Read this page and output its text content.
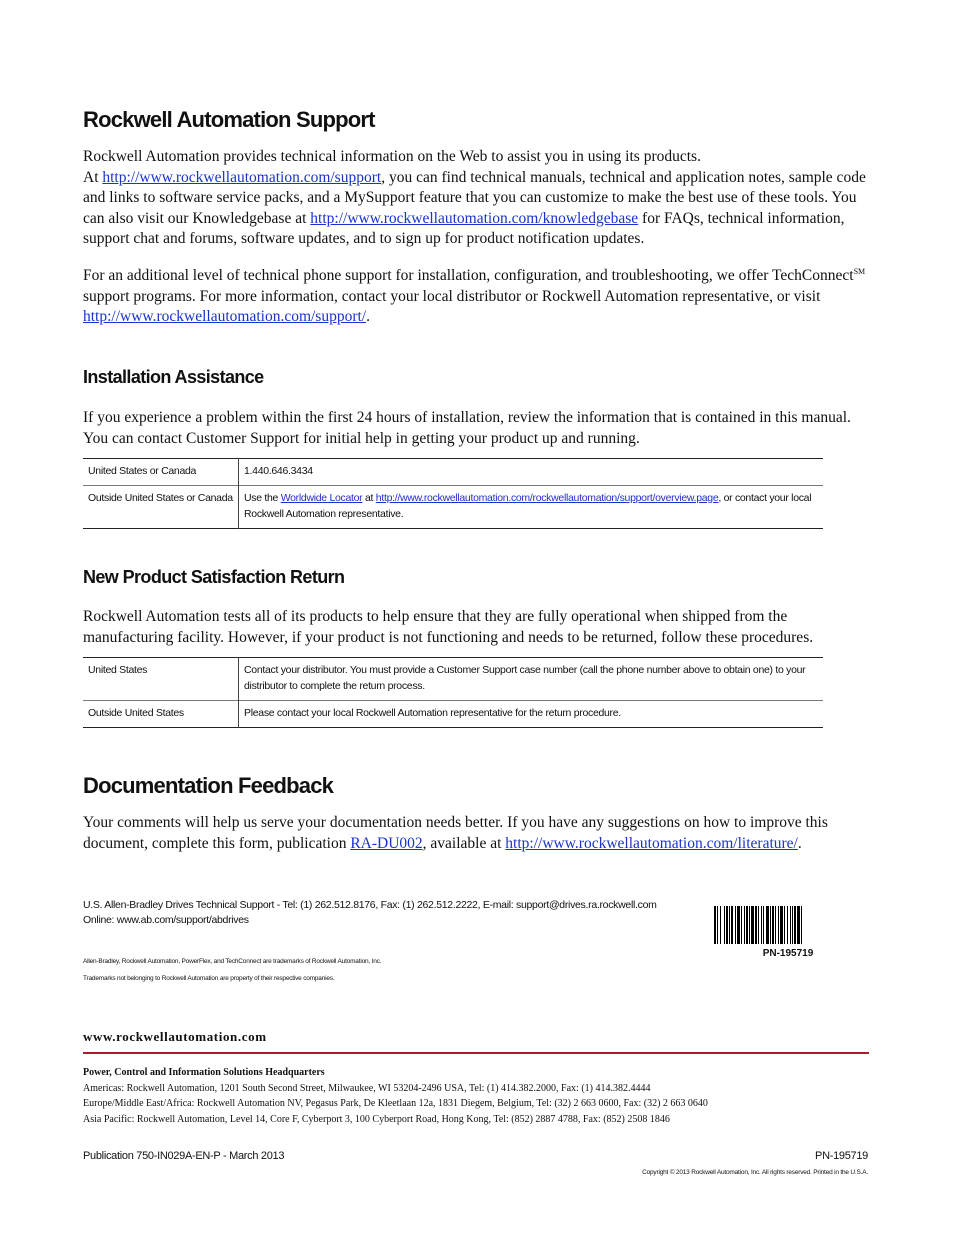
Rockwell Automation Support

Rockwell Automation provides technical information on the Web to assist you in using its products.
At http://www.rockwellautomation.com/support, you can find technical manuals, technical and application notes, sample code and links to software service packs, and a MySupport feature that you can customize to make the best use of these tools. You can also visit our Knowledgebase at http://www.rockwellautomation.com/knowledgebase for FAQs, technical information, support chat and forums, software updates, and to sign up for product notification updates.

For an additional level of technical phone support for installation, configuration, and troubleshooting, we offer TechConnect℠ support programs. For more information, contact your local distributor or Rockwell Automation representative, or visit http://www.rockwellautomation.com/support/.

Installation Assistance
If you experience a problem within the first 24 hours of installation, review the information that is contained in this manual. You can contact Customer Support for initial help in getting your product up and running.
United States or Canada	1.440.646.3434
Outside United States or Canada	Use the Worldwide Locator at http://www.rockwellautomation.com/rockwellautomation/support/overview.page, or contact your local Rockwell Automation representative.
New Product Satisfaction Return
Rockwell Automation tests all of its products to help ensure that they are fully operational when shipped from the manufacturing facility. However, if your product is not functioning and needs to be returned, follow these procedures.
United States	Contact your distributor. You must provide a Customer Support case number (call the phone number above to obtain one) to your distributor to complete the return process.
Outside United States	Please contact your local Rockwell Automation representative for the return procedure.
Documentation Feedback

Your comments will help us serve your documentation needs better. If you have any suggestions on how to improve this document, complete this form, publication RA-DU002, available at http://www.rockwellautomation.com/literature/.

U.S. Allen-Bradley Drives Technical Support - Tel: (1) 262.512.8176, Fax: (1) 262.512.2222, E-mail: support@drives.ra.rockwell.com
Online: www.ab.com/support/abdrives
Allen-Bradley, Rockwell Automation, PowerFlex, and TechConnect are trademarks of Rockwell Automation, Inc.
Trademarks not belonging to Rockwell Automation are property of their respective companies.
PN-195719
www.rockwellautomation.com
Power, Control and Information Solutions Headquarters
Americas: Rockwell Automation, 1201 South Second Street, Milwaukee, WI 53204-2496 USA, Tel: (1) 414.382.2000, Fax: (1) 414.382.4444
Europe/Middle East/Africa: Rockwell Automation NV, Pegasus Park, De Kleetlaan 12a, 1831 Diegem, Belgium, Tel: (32) 2 663 0600, Fax: (32) 2 663 0640
Asia Pacific: Rockwell Automation, Level 14, Core F, Cyberport 3, 100 Cyberport Road, Hong Kong, Tel: (852) 2887 4788, Fax: (852) 2508 1846
Publication 750-IN029A-EN-P - March 2013	PN-195719
Copyright © 2013 Rockwell Automation, Inc. All rights reserved. Printed in the U.S.A.
